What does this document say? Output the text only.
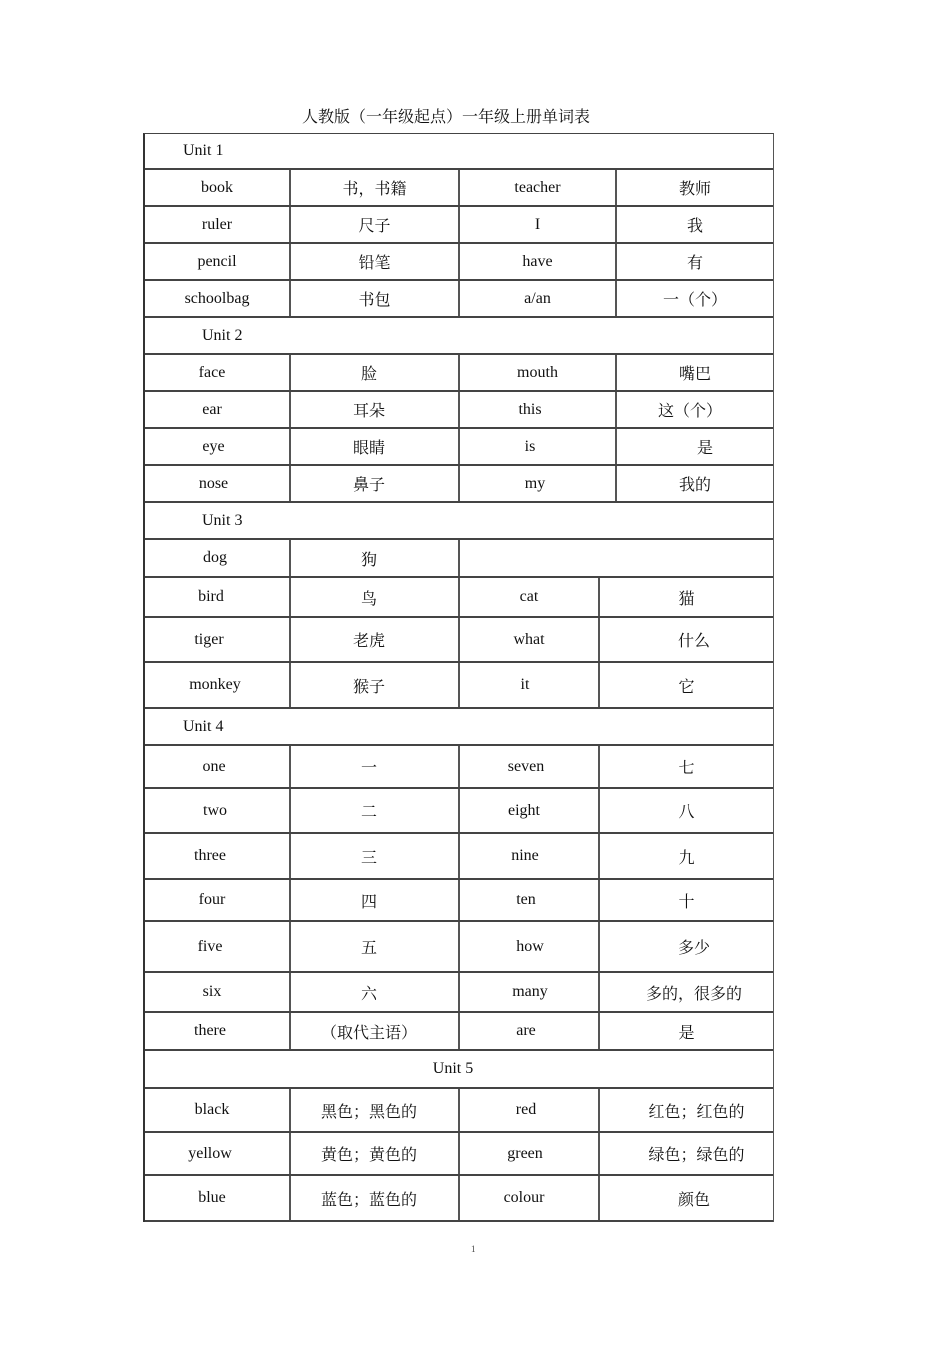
人教版（一年级起点）一年级上册单词表
Unit 1
book	书，书籍	teacher	教师
ruler	尺子	I	我
pencil	铅笔	have	有
schoolbag	书包	a/an	一（个）
Unit 2
face	脸	mouth	嘴巴
ear	耳朵	this	这（个）
eye	眼睛	is	是
nose	鼻子	my	我的
Unit 3
dog	狗
bird	鸟	cat	猫
tiger	老虎	what	什么
monkey	猴子	it	它
Unit 4
one	一	seven	七
two	二	eight	八
three	三	nine	九
four	四	ten	十
five	五	how	多少
six	六	many	多的，很多的
there	（取代主语）	are	是
Unit 5
black	黑色；黑色的	red	红色；红色的
yellow	黄色；黄色的	green	绿色；绿色的
blue	蓝色；蓝色的	colour	颜色
1
